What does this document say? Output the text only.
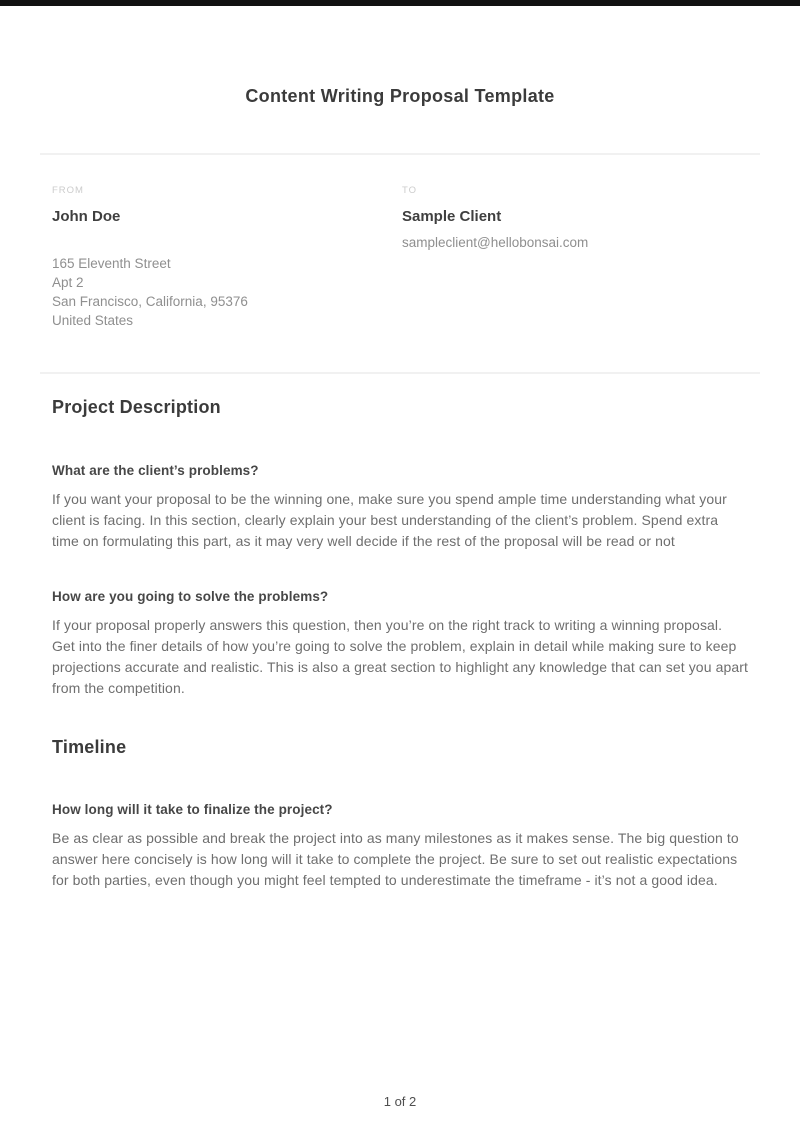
Content Writing Proposal Template
FROM
John Doe
165 Eleventh Street
Apt 2
San Francisco, California, 95376
United States
TO
Sample Client
sampleclient@hellobonsai.com
Project Description
What are the client’s problems?

If you want your proposal to be the winning one, make sure you spend ample time understanding what your client is facing. In this section, clearly explain your best understanding of the client’s problem. Spend extra time on formulating this part, as it may very well decide if the rest of the proposal will be read or not

How are you going to solve the problems?

If your proposal properly answers this question, then you’re on the right track to writing a winning proposal. Get into the finer details of how you’re going to solve the problem, explain in detail while making sure to keep projections accurate and realistic. This is also a great section to highlight any knowledge that can set you apart from the competition.

Timeline
How long will it take to finalize the project?

Be as clear as possible and break the project into as many milestones as it makes sense. The big question to answer here concisely is how long will it take to complete the project. Be sure to set out realistic expectations for both parties, even though you might feel tempted to underestimate the timeframe - it’s not a good idea.

1 of 2
